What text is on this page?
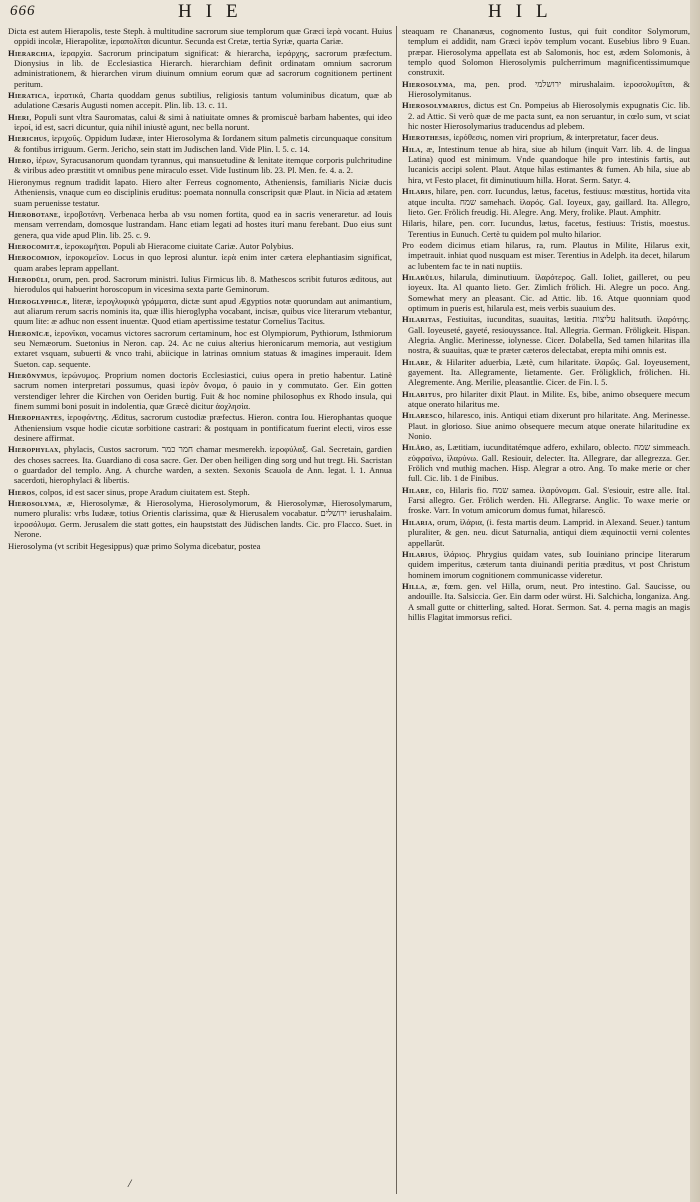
666	HIE	HIL

Dicta est autem Hierapolis, teste Steph. à multitudine sacrorum siue templorum quæ Græci ἱερὰ vocant. Huius oppidi incolæ, Hierapolitæ, ἱεραπολῖται dicuntur. Secunda est Cretæ, tertia Syriæ, quarta Cariæ.

Hierarchia, ἱεραρχία. Sacrorum principatum significat: & hierarcha, ἱεράρχης, sacrorum præfectum. Dionysius in lib. de Ecclesiastica Hierarch. hierarchiam definit ordinatam omnium sacrorum administrationem, & hierarchen virum diuinum omnium eorum quæ ad sacrorum cognitionem pertinent peritum.

Hieratica, ἱερατικά, Charta quoddam genus subtilius, religiosis tantum voluminibus dicatum, quæ ab adulatione Cæsaris Augusti nomen accepit. Plin. lib. 13. c. 11.

Hieri, Populi sunt vltra Sauromatas, calui & simi à natiuitate omnes & promiscuè barbam habentes, qui ideo ἱεροί, id est, sacri dicuntur, quia nihil iniustè agunt, nec bella norunt.

Hierichus, ἱεριχοῦς. Oppidum Iudææ, inter Hierosolyma & Iordanem situm palmetis circunquaque consitum & fontibus irriguum. Germ. Jericho, sein statt im Judischen land. Vide Plin. l. 5. c. 14.

Hiero, ἱέρων, Syracusanorum quondam tyrannus, qui mansuetudine & lenitate itemque corporis pulchritudine & viribus adeo præstitit vt omnibus pene miraculo esset. Vide Iustinum lib. 23. Pl. Men. fe. 4. a. 2.

Hieronymus regnum tradidit lapato. Hiero alter Ferreus cognomento, Atheniensis, familiaris Niciæ ducis Atheniensis, vnaque cum eo disciplinis eruditus: poemata nonnulla conscripsit quæ Plaut. in Nicia ad ætatem suam peruenisse testatur.

Hierobotane, ἱεροβοτάνη. Verbenaca herba ab vsu nomen fortita, quod ea in sacris veneraretur. ad Iouis mensam verrendam, domosque lustrandam. Hanc etiam legati ad hostes iturí manu ferebant. Duo eius sunt genera, qua vide apud Plin. lib. 25. c. 9.

Hierocomitæ, ἱεροκωμῆται. Populi ab Hieracome ciuitate Cariæ. Autor Polybius.

Hierocomion, ἱεροκομεῖον. Locus in quo leprosi aluntur. ἱερὰ enim inter cætera elephantiasim significat, quam arabes lepram appellant.

Hierodūli, orum, pen. prod. Sacrorum ministri. Iulius Firmicus lib. 8. Mathescos scribit futuros æditous, aut hierodulos qui habuerint horoscopum in vicesima sexta parte Geminorum.

Hieroglyphicæ, literæ, ἱερογλυφικὰ γράμματα, dictæ sunt apud Ægyptios notæ quorundam aut animantium, aut aliarum rerum sacris nominis ita, quæ illis hieroglypha vocabant, incisæ, quibus vice literarum vtebantur, quum lite: æ adhuc non essent inuentæ. Quod etiam apertissime testatur Cornelius Tacitus.

Hieronīcæ, ἱερονῖκαι, vocamus victores sacrorum certaminum, hoc est Olympiorum, Pythiorum, Isthmiorum seu Nemæorum. Suetonius in Neron. cap. 24. Ac ne cuius alterius hieronicarum memoria, aut vestigium extaret vsquam, subuerti & vnco trahi, abiicique in latrinas omnium statuas & imagines imperauit. Idem Sueton. cap. sequente.

Hierōnymus, ἱερώνυμος. Proprium nomen doctoris Ecclesiastici, cuius opera in pretio habentur. Latinè sacrum nomen interpretari possumus, quasi ἱερὸν ὄνομα, ὀ pauio in y commutato. Ger. Ein gotten verstendiger lehrer die Kirchen von Oeriden burtig. Fuit & hoc nomine philosophus ex Rhodo insula, qui finem summi boni posuit in indolentia, quæ Græcè dicitur ἀοχλησία.

Hierophantes, ἱεροφάντης. Æditus, sacrorum custodiæ præfectus. Hieron. contra Iou. Hierophantas quoque Atheniensium vsque hodie cicutæ sorbitione castrari: & postquam in pontificatum fuerint electi, viros esse desinere affirmat.

Hierophylax, phylacis, Custos sacrorum. ‏חמר כמר‏ chamar mesmerekh. ἱεροφύλαξ. Gal. Secretain, gardien des choses sacrees. Ita. Guardiano di cosa sacre. Ger. Der oben heiligen ding sorg und hut tregt. Hi. Sacristan o guardador del templo. Ang. A churche warden, a sexten. Sexonis Scauola de Ann. legat. l. 1. Annua sacerdoti, hierophylaci & libertis.

Hieros, colpos, id est sacer sinus, prope Aradum ciuitatem est. Steph.

Hierosolyma, æ, Hierosolymæ, & Hierosolyma, Hierosolymorum, & Hierosolymæ, Hierosolymarum, numero pluralis: vrbs Iudææ, totius Orientis clarissima, quæ & Hierusalem vocabatur. ‏ירושלים‏ ierushalaim. ἱεροσόλυμα. Germ. Jerusalem die statt gottes, ein haupststatt des Jüdischen landts. Cic. pro Flacco. Suet. in Nerone.

Hierosolyma (vt scribit Hegesippus) quæ primo Solyma dicebatur, postea

steaquam re Chananæus, cognomento Iustus, qui fuit conditor Solymorum, templum ei addidit, nam Græci ἱερὸν templum vocant. Eusebius libro 9 Euan. præpar. Hierosolyma appellata est ab Salomonis, hoc est, ædem Solomonis, à templo quod Solomon Hierosolymis pulcherrimum magnificentissimumque construxit.

Hierosolyma, ma, pen. prod. ‏ירושלמי‏ mirushalaim. ἱεροσολυμῖται, & Hierosolymitanus.

Hierosolymarius, dictus est Cn. Pompeius ab Hierosolymis expugnatis Cic. lib. 2. ad Attic. Si verò quæ de me pacta sunt, ea non seruantur, in cœlo sum, vt sciat hic noster Hierosolymarius traducendus ad plebem.

Hierothesis, ἱερόθεσις, nomen viri proprium, & interpretatur, facer deus.

Hila, æ, Intestinum tenue ab hira, siue ab hilum (inquit Varr. lib. 4. de lingua Latina) quod est minimum. Vnde quandoque hile pro intestinis fartis, aut lucanicis accipi solent. Plaut. Atque hilas estimantes & fumen. Ab hila, siue ab hira, vt Festo placet, fit diminutiuum hilla. Horat. Serm. Satyr. 4.

Hilaris, hilare, pen. corr. Iucundus, lætus, facetus, festiuus: mœstitus, hortida vita atque inculta. ‏שמח‏ samehach. ἱλαρός. Gal. Ioyeux, gay, gaillard. Ita. Allegro, lieto. Ger. Frölich freudig. Hi. Alegre. Ang. Mery, frolike. Plaut. Amphitr.

Hilaris, hilare, pen. corr. Iucundus, lætus, facetus, festiuus: Tristis, moestus. Terentius in Eunuch. Certè tu quidem pol multo hilarior.

Pro eodem dicimus etiam hilarus, ra, rum. Plautus in Milite, Hilarus exit, impetrauit. inhiat quod nusquam est miser. Terentius in Adelph. ita decet, hilarum ac lubentem fac te in nati nuptiis.

Hilarŭlus, hilarula, diminutiuum. ἱλαρότερος. Gall. Ioliet, gailleret, ou peu ioyeux. Ita. Al quanto lieto. Ger. Zimlich frölich. Hi. Alegre un poco. Ang. Somewhat mery an pleasant. Cic. ad Attic. lib. 16. Atque quonniam quod optimum in pueris est, hilarula est, meis verbis suauium des.

Hilaritas, Festiuitas, iucunditas, suauitas, lætitia. ‏עליצות‏ halitsuth. ἱλαρότης. Gall. Ioyeuseté, gayeté, resiouyssance. Ital. Allegria. German. Fröligkeit. Hispan. Alegria. Anglic. Merinesse, iolynesse. Cicer. Dolabella, Sed tamen hilaritas illa nostra, & suauitas, quæ te præter cæteros delectabat, erepta mihi omnis est.

Hilare, & Hilariter aduerbia, Lætè, cum hilaritate. ἱλαρῶς. Gal. Ioyeusement, gayement. Ita. Allegramente, lietamente. Ger. Fröligklich, frölichen. Hi. Alegremente. Ang. Merilie, pleasantlie. Cicer. de Fin. l. 5.

Hilaritus, pro hilariter dixit Plaut. in Milite. Es, bibe, animo obsequere mecum atque onerato hilaritus me.

Hilaresco, hilaresco, inis. Antiqui etiam dixerunt pro hilaritate. Ang. Merinesse. Plaut. in glorioso. Siue animo obsequere mecum atque onerate hilaritudine ex Nonio.

Hilăro, as, Lætitiam, iucunditatémque adfero, exhilaro, oblecto. ‏שמח‏ simmeach. εὐφραίνω, ἱλαρύνω. Gall. Resiouir, delecter. Ita. Allegrare, dar allegrezza. Ger. Frölich vnd muthig machen. Hisp. Alegrar a otro. Ang. To make merie or cher full. Cic. lib. 1 de Finibus.

Hilare, co, Hilaris fio. ‏שמח‏ samea. ἱλαρύνομαι. Gal. S'esiouir, estre alle. Ital. Farsi allegro. Ger. Frölich werden. Hi. Allegrarse. Anglic. To waxe merie or froske. Varr. In votum amicorum domus fumat, hilarescō.

Hilaria, orum, ἱλάρια, (i. festa martis deum. Lamprid. in Alexand. Seuer.) tantum pluraliter, & gen. neu. dicut Saturnalia, antiqui diem æquinoctii verni colentes appellarūt.

Hilarius, ἱλάριος. Phrygius quidam vates, sub Iouiniano principe literarum quidem imperitus, cæterum tanta diuinandi peritia præditus, vt post Christum hominem imorum cognitionem communicasse videretur.

Hilla, æ, fœm. gen. vel Hilla, orum, neut. Pro intestino. Gal. Saucisse, ou andouille. Ita. Salsiccia. Ger. Ein darm oder würst. Hi. Salchicha, longaniza. Ang. A small gutte or chitterling, salted. Horat. Sermon. Sat. 4. perna magis an magis hillis Flagitat immorsus refici.

/
